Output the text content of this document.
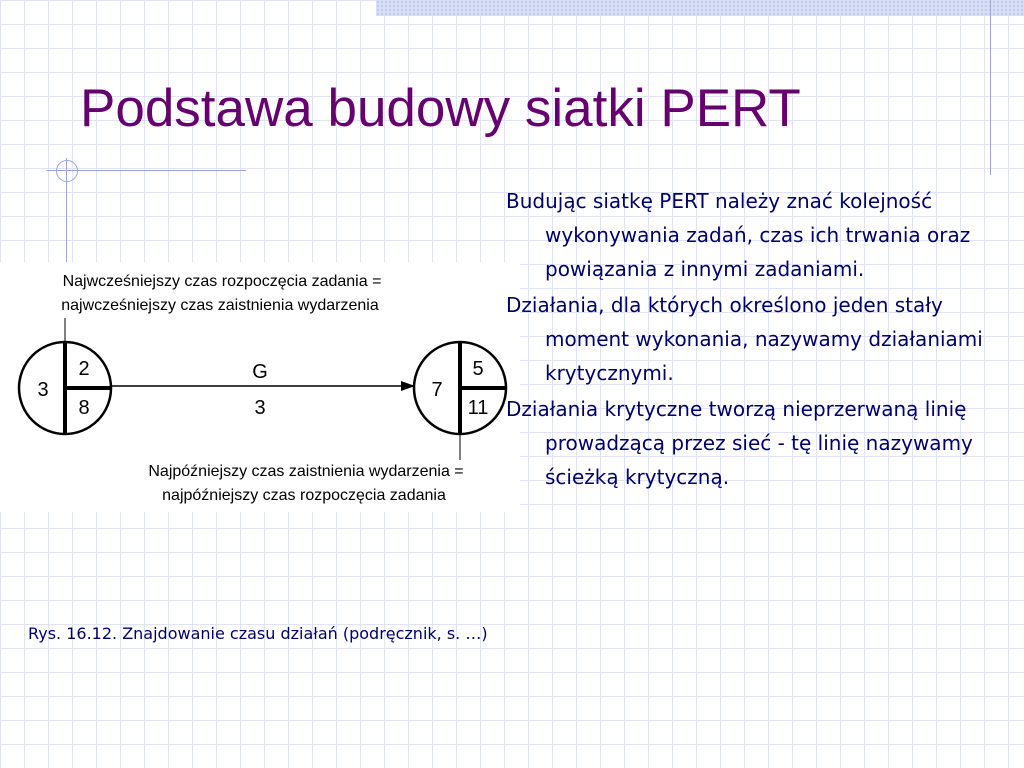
Podstawa budowy siatki PERT
Najwcześniejszy czas rozpoczęcia zadania =
najwcześniejszy czas zaistnienia wydarzenia
3
2
8
G
3
7
5
11
Najpóźniejszy czas zaistnienia wydarzenia =
najpóźniejszy czas rozpoczęcia zadania
Budując siatkę PERT należy znać kolejność wykonywania zadań, czas ich trwania oraz powiązania z innymi zadaniami.
Działania, dla których określono jeden stały moment wykonania, nazywamy działaniami krytycznymi.
Działania krytyczne tworzą nieprzerwaną linię prowadzącą przez sieć - tę linię nazywamy ścieżką krytyczną.

Rys. 16.12. Znajdowanie czasu działań (podręcznik, s. …)
